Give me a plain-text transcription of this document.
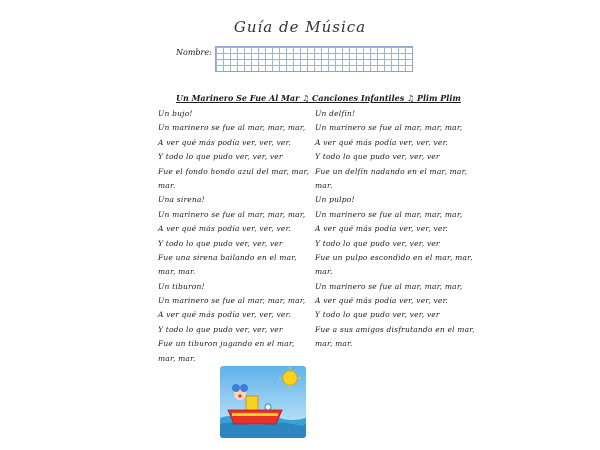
Guía de Música
Nombre:
Un Marinero Se Fue Al Mar ♫ Canciones Infantiles ♫ Plim Plim
Un bujo!
Un marinero se fue al mar, mar, mar,
A ver qué más podía ver, ver, ver.
Y todo lo que pudo ver, ver, ver
Fue el fondo hondo azul del mar, mar,
mar.
Una sirena!
Un marinero se fue al mar, mar, mar,
A ver qué más podía ver, ver, ver.
Y todo lo que pudo ver, ver, ver
Fue una sirena bailando en el mar,
mar, mar.
Un tiburon!
Un marinero se fue al mar, mar, mar,
A ver qué más podía ver, ver, ver.
Y todo lo que pudo ver, ver, ver
Fue un tiburon jugando en el mar,
mar, mar.
Un delfín!
Un marinero se fue al mar, mar, mar,
A ver qué más podía ver, ver, ver.
Y todo lo que pudo ver, ver, ver
Fue un delfín nadando en el mar, mar,
mar.
Un pulpo!
Un marinero se fue al mar, mar, mar,
A ver qué más podía ver, ver, ver.
Y todo lo que pudo ver, ver, ver
Fue un pulpo escondido en el mar, mar,
mar.
Un marinero se fue al mar, mar, mar,
A ver qué más podía ver, ver, ver.
Y todo lo que pudo ver, ver, ver
Fue a sus amigos disfrutando en el mar,
mar, mar.
